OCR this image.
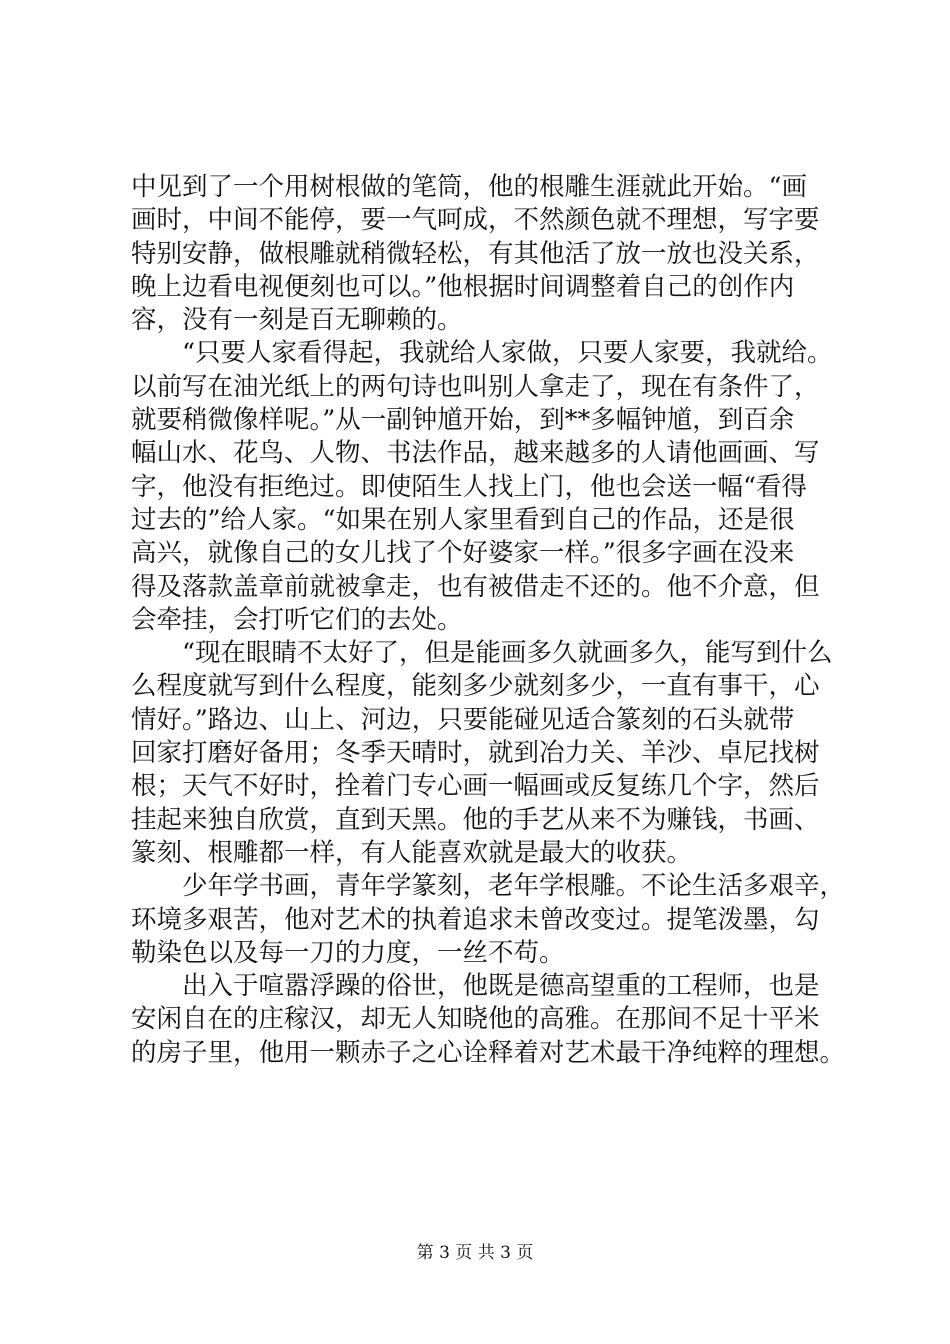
中见到了一个用树根做的笔筒，他的根雕生涯就此开始。“画
画时，中间不能停，要一气呵成，不然颜色就不理想，写字要
特别安静，做根雕就稍微轻松，有其他活了放一放也没关系，
晚上边看电视便刻也可以。”他根据时间调整着自己的创作内
容，没有一刻是百无聊赖的。
“只要人家看得起，我就给人家做，只要人家要，我就给。
以前写在油光纸上的两句诗也叫别人拿走了，现在有条件了，
就要稍微像样呢。”从一副钟馗开始，到**多幅钟馗，到百余
幅山水、花鸟、人物、书法作品，越来越多的人请他画画、写
字，他没有拒绝过。即使陌生人找上门，他也会送一幅“看得
过去的”给人家。“如果在别人家里看到自己的作品，还是很
高兴，就像自己的女儿找了个好婆家一样。”很多字画在没来
得及落款盖章前就被拿走，也有被借走不还的。他不介意，但
会牵挂，会打听它们的去处。
“现在眼睛不太好了，但是能画多久就画多久，能写到什么
么程度就写到什么程度，能刻多少就刻多少，一直有事干，心
情好。”路边、山上、河边，只要能碰见适合篆刻的石头就带
回家打磨好备用；冬季天晴时，就到冶力关、羊沙、卓尼找树
根；天气不好时，拴着门专心画一幅画或反复练几个字，然后
挂起来独自欣赏，直到天黑。他的手艺从来不为赚钱，书画、
篆刻、根雕都一样，有人能喜欢就是最大的收获。
少年学书画，青年学篆刻，老年学根雕。不论生活多艰辛，
环境多艰苦，他对艺术的执着追求未曾改变过。提笔泼墨，勾
勒染色以及每一刀的力度，一丝不苟。
出入于喧嚣浮躁的俗世，他既是德高望重的工程师，也是
安闲自在的庄稼汉，却无人知晓他的高雅。在那间不足十平米
的房子里，他用一颗赤子之心诠释着对艺术最干净纯粹的理想。
第 3 页 共 3 页
